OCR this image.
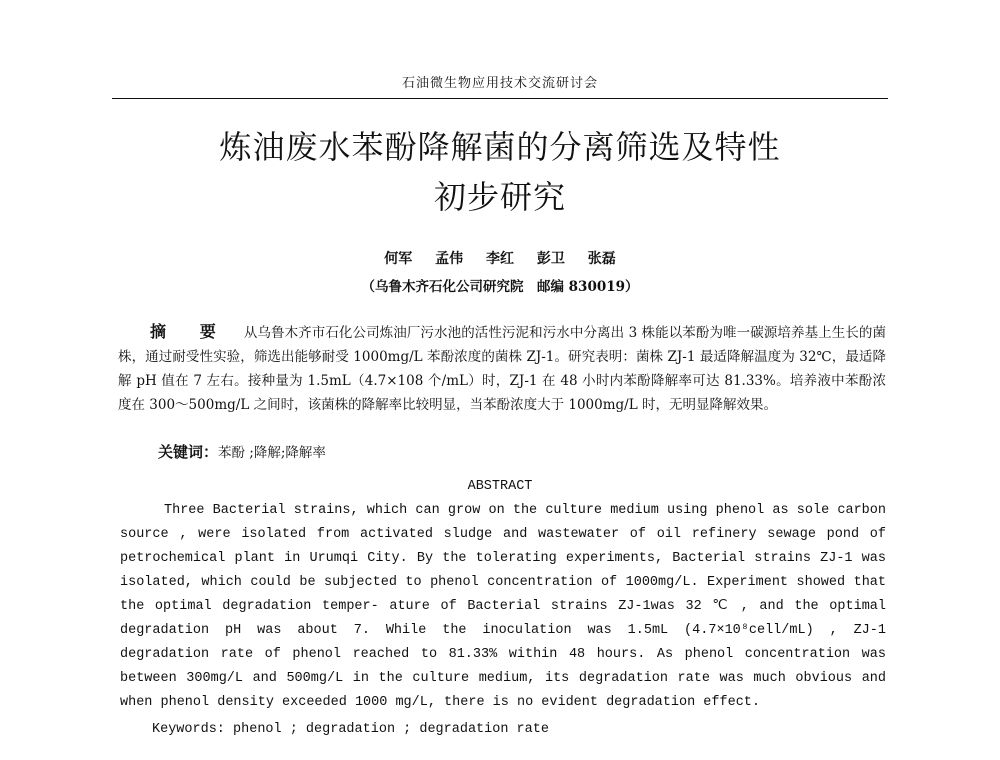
石油微生物应用技术交流研讨会
炼油废水苯酚降解菌的分离筛选及特性
初步研究
何军 孟伟 李红 彭卫 张磊
（乌鲁木齐石化公司研究院　邮编 830019）
摘 要 从乌鲁木齐市石化公司炼油厂污水池的活性污泥和污水中分离出 3 株能以苯酚为唯一碳源培养基上生长的菌株，通过耐受性实验，筛选出能够耐受 1000mg/L 苯酚浓度的菌株 ZJ-1。研究表明：菌株 ZJ-1 最适降解温度为 32℃，最适降解 pH 值在 7 左右。接种量为 1.5mL（4.7×108 个/mL）时，ZJ-1 在 48 小时内苯酚降解率可达 81.33%。培养液中苯酚浓度在 300～500mg/L 之间时，该菌株的降解率比较明显，当苯酚浓度大于 1000mg/L 时，无明显降解效果。
关键词：苯酚 ;降解;降解率
ABSTRACT
Three Bacterial strains, which can grow on the culture medium using phenol as sole carbon source , were isolated from activated sludge and wastewater of oil refinery sewage pond of petrochemical plant in Urumqi City. By the tolerating experiments, Bacterial strains ZJ-1 was isolated, which could be subjected to phenol concentration of 1000mg/L. Experiment showed that the optimal degradation temper- ature of Bacterial strains ZJ-1was 32 ℃ , and the optimal degradation pH was about 7. While the inoculation was 1.5mL (4.7×10⁸cell/mL) , ZJ-1 degradation rate of phenol reached to 81.33% within 48 hours. As phenol concentration was between 300mg/L and 500mg/L in the culture medium, its degradation rate was much obvious and when phenol density exceeded 1000 mg/L, there is no evident degradation effect.
Keywords: phenol ; degradation ; degradation rate
